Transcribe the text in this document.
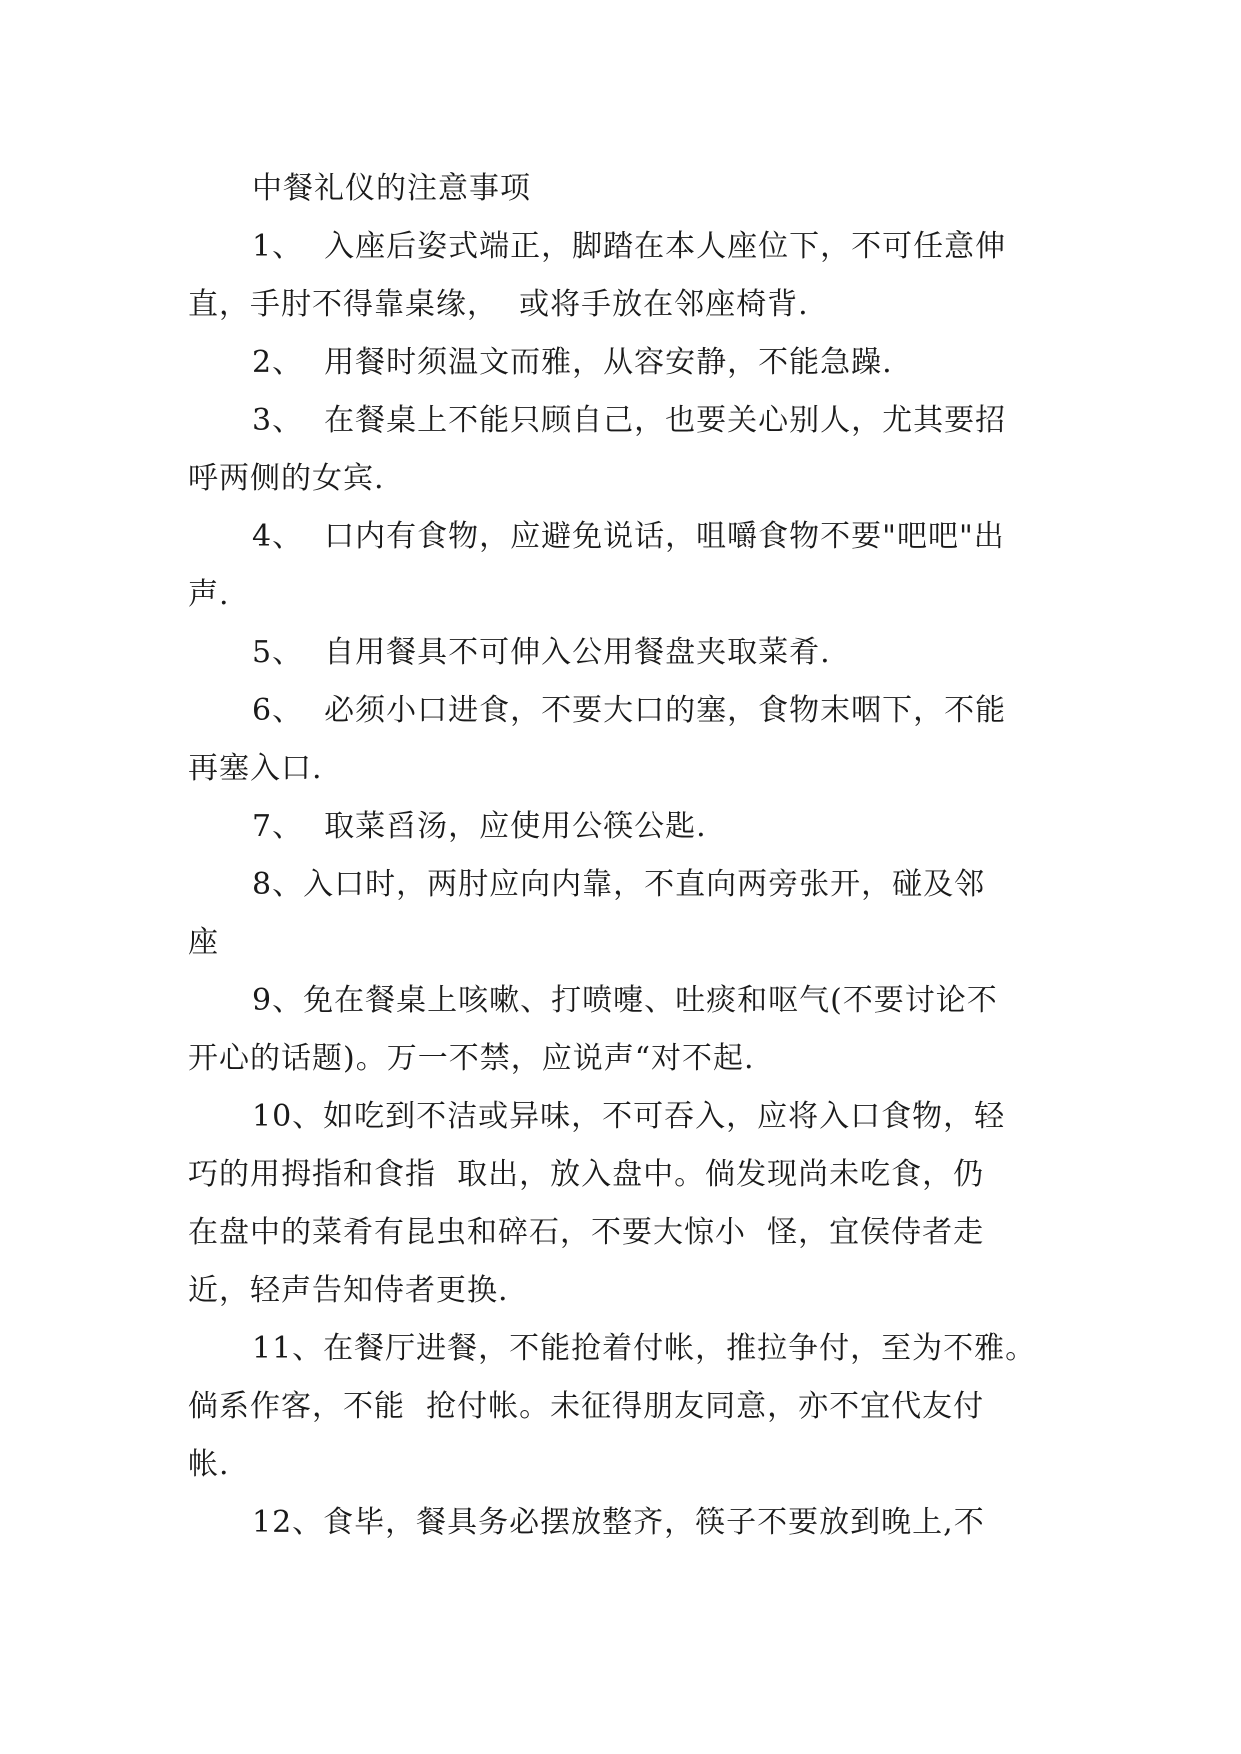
中餐礼仪的注意事项
1、  入座后姿式端正，脚踏在本人座位下，不可任意伸
直，手肘不得靠桌缘，  或将手放在邻座椅背.
2、  用餐时须温文而雅，从容安静，不能急躁.
3、  在餐桌上不能只顾自己，也要关心别人，尤其要招
呼两侧的女宾.
4、  口内有食物，应避免说话，咀嚼食物不要"吧吧"出
声.
5、  自用餐具不可伸入公用餐盘夹取菜肴.
6、  必须小口进食，不要大口的塞，食物末咽下，不能
再塞入口.
7、  取菜舀汤，应使用公筷公匙.
8、入口时，两肘应向内靠，不直向两旁张开，碰及邻
座
9、免在餐桌上咳嗽、打喷嚏、吐痰和呕气(不要讨论不
开心的话题)。万一不禁，应说声“对不起.
10、如吃到不洁或异味，不可吞入，应将入口食物，轻
巧的用拇指和食指  取出，放入盘中。倘发现尚未吃食，仍
在盘中的菜肴有昆虫和碎石，不要大惊小  怪，宜侯侍者走
近，轻声告知侍者更换.
11、在餐厅进餐，不能抢着付帐，推拉争付，至为不雅。
倘系作客，不能  抢付帐。未征得朋友同意，亦不宜代友付
帐.
12、食毕，餐具务必摆放整齐，筷子不要放到晚上,不
